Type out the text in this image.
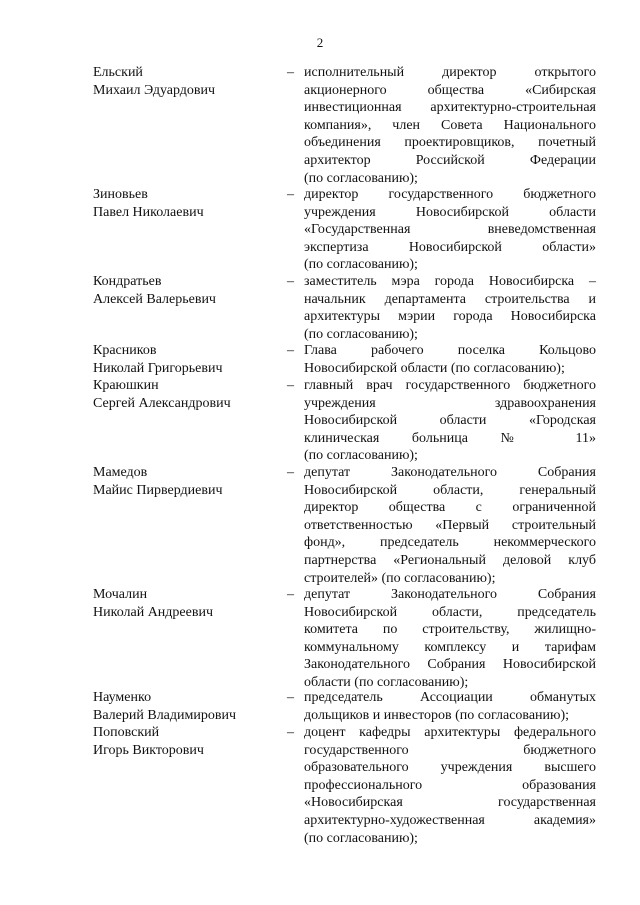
2
Ельский
Михаил Эдуардович
– исполнительный директор открытого
акционерного общества «Сибирская
инвестиционная архитектурно-строительная
компания», член Совета Национального
объединения проектировщиков, почетный
архитектор Российской Федерации
(по согласованию);
Зиновьев
Павел Николаевич
– директор государственного бюджетного
учреждения Новосибирской области
«Государственная вневедомственная
экспертиза Новосибирской области»
(по согласованию);
Кондратьев
Алексей Валерьевич
– заместитель мэра города Новосибирска –
начальник департамента строительства и
архитектуры мэрии города Новосибирска
(по согласованию);
Красников
Николай Григорьевич
– Глава рабочего поселка Кольцово
Новосибирской области (по согласованию);
Краюшкин
Сергей Александрович
– главный врач государственного бюджетного
учреждения здравоохранения
Новосибирской области «Городская
клиническая больница № 11»
(по согласованию);
Мамедов
Майис Пирвердиевич
– депутат Законодательного Собрания
Новосибирской области, генеральный
директор общества с ограниченной
ответственностью «Первый строительный
фонд», председатель некоммерческого
партнерства «Региональный деловой клуб
строителей» (по согласованию);
Мочалин
Николай Андреевич
– депутат Законодательного Собрания
Новосибирской области, председатель
комитета по строительству, жилищно-
коммунальному комплексу и тарифам
Законодательного Собрания Новосибирской
области (по согласованию);
Науменко
Валерий Владимирович
– председатель Ассоциации обманутых
дольщиков и инвесторов (по согласованию);
Поповский
Игорь Викторович
– доцент кафедры архитектуры федерального
государственного бюджетного
образовательного учреждения высшего
профессионального образования
«Новосибирская государственная
архитектурно-художественная академия»
(по согласованию);
